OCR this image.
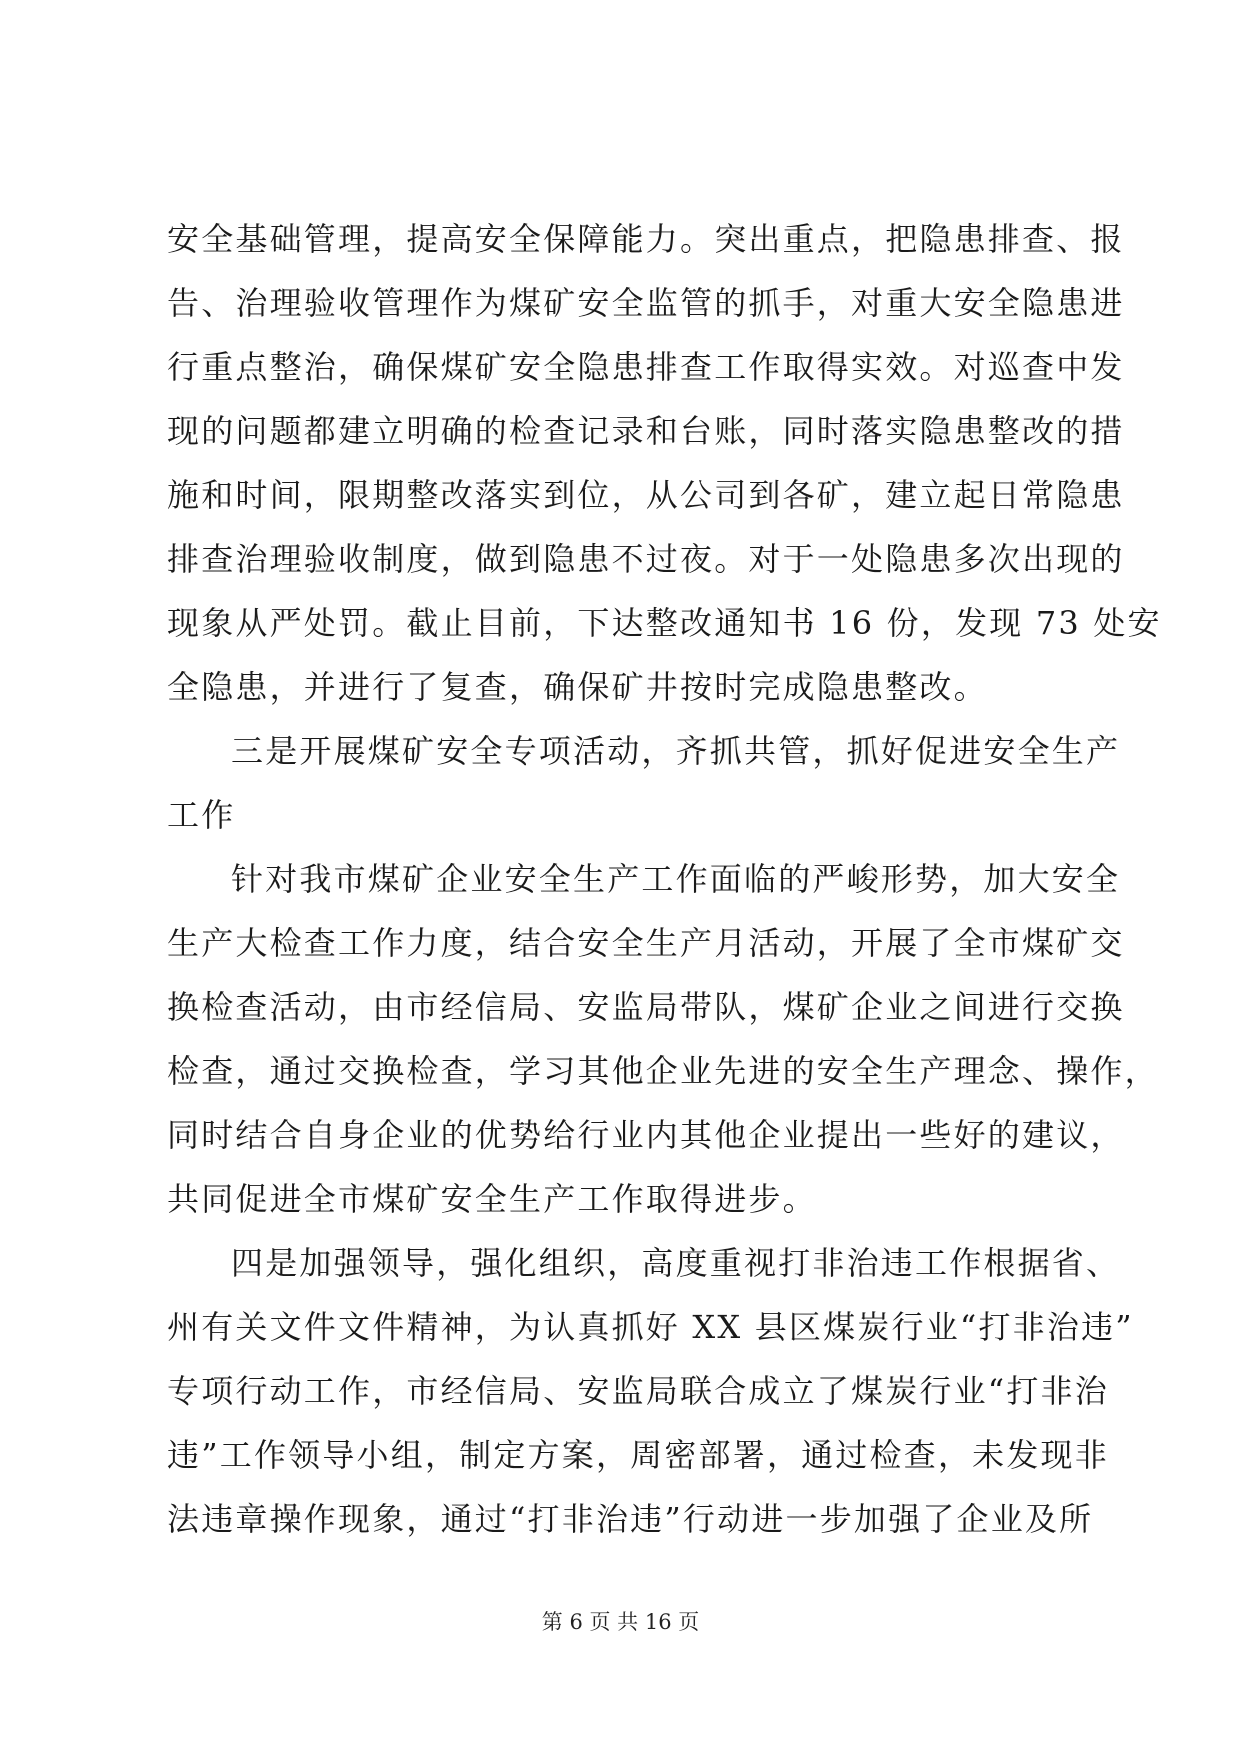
安全基础管理，提高安全保障能力。突出重点，把隐患排查、报
告、治理验收管理作为煤矿安全监管的抓手，对重大安全隐患进
行重点整治，确保煤矿安全隐患排查工作取得实效。对巡查中发
现的问题都建立明确的检查记录和台账，同时落实隐患整改的措
施和时间，限期整改落实到位，从公司到各矿，建立起日常隐患
排查治理验收制度，做到隐患不过夜。对于一处隐患多次出现的
现象从严处罚。截止目前，下达整改通知书 16 份，发现 73 处安
全隐患，并进行了复查，确保矿井按时完成隐患整改。
三是开展煤矿安全专项活动，齐抓共管，抓好促进安全生产
工作
针对我市煤矿企业安全生产工作面临的严峻形势，加大安全
生产大检查工作力度，结合安全生产月活动，开展了全市煤矿交
换检查活动，由市经信局、安监局带队，煤矿企业之间进行交换
检查，通过交换检查，学习其他企业先进的安全生产理念、操作，
同时结合自身企业的优势给行业内其他企业提出一些好的建议，
共同促进全市煤矿安全生产工作取得进步。
四是加强领导，强化组织，高度重视打非治违工作根据省、
州有关文件文件精神，为认真抓好 XX 县区煤炭行业“打非治违”
专项行动工作，市经信局、安监局联合成立了煤炭行业“打非治
违”工作领导小组，制定方案，周密部署，通过检查，未发现非
法违章操作现象，通过“打非治违”行动进一步加强了企业及所
第 6 页 共 16 页
